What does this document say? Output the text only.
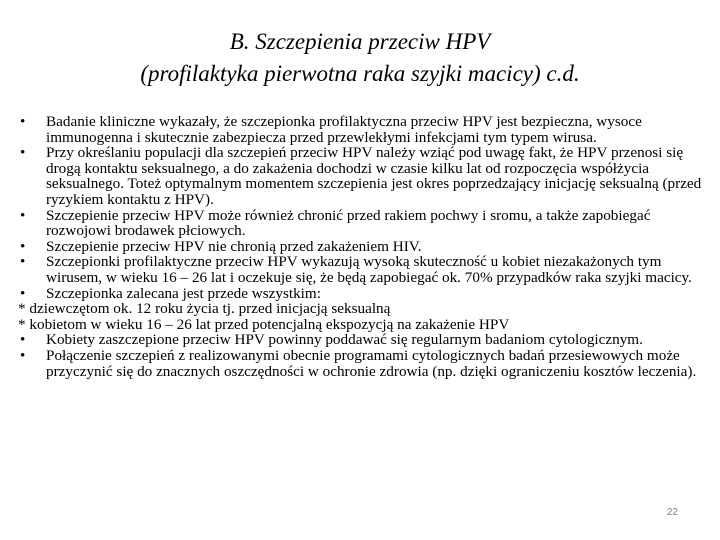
B. Szczepienia przeciw HPV
(profilaktyka pierwotna raka szyjki macicy) c.d.
•	Badanie kliniczne wykazały, że szczepionka profilaktyczna przeciw HPV jest bezpieczna, wysoce immunogenna i skutecznie zabezpiecza przed przewlekłymi infekcjami tym typem wirusa.
•	Przy określaniu populacji dla szczepień przeciw HPV należy wziąć pod uwagę fakt, że HPV przenosi się drogą kontaktu seksualnego, a do zakażenia dochodzi w czasie kilku lat od rozpoczęcia współżycia seksualnego. Toteż optymalnym momentem szczepienia jest okres poprzedzający inicjację seksualną (przed ryzykiem kontaktu z HPV).
•	Szczepienie przeciw HPV może również chronić przed rakiem pochwy i sromu, a także zapobiegać rozwojowi brodawek płciowych.
•	Szczepienie przeciw HPV nie chronią przed zakażeniem HIV.
•	Szczepionki profilaktyczne przeciw HPV wykazują wysoką skuteczność u kobiet niezakażonych tym wirusem, w wieku 16 – 26 lat i oczekuje się, że będą zapobiegać ok. 70% przypadków raka szyjki macicy.
•	Szczepionka zalecana jest przede wszystkim:
* dziewczętom ok. 12 roku życia tj. przed inicjacją seksualną
* kobietom w wieku 16 – 26 lat przed potencjalną ekspozycją na zakażenie HPV
•	Kobiety zaszczepione przeciw HPV powinny poddawać się regularnym badaniom cytologicznym.
•	Połączenie szczepień z realizowanymi obecnie programami cytologicznych badań przesiewowych może przyczynić się do znacznych oszczędności w ochronie zdrowia (np. dzięki ograniczeniu kosztów leczenia).
22
